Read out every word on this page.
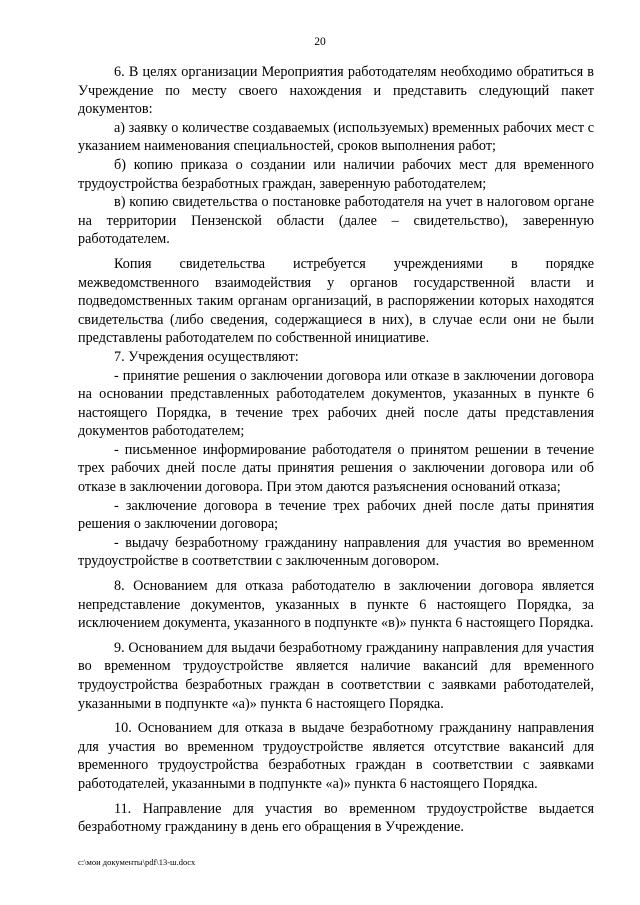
20

6. В целях организации Мероприятия работодателям необходимо обратиться в Учреждение по месту своего нахождения и представить следующий пакет документов:

а) заявку о количестве создаваемых (используемых) временных рабочих мест с указанием наименования специальностей, сроков выполнения работ;

б) копию приказа о создании или наличии рабочих мест для временного трудоустройства безработных граждан, заверенную работодателем;

в) копию свидетельства о постановке работодателя на учет в налоговом органе на территории Пензенской области (далее – свидетельство), заверенную работодателем.

Копия свидетельства истребуется учреждениями в порядке межведомственного взаимодействия у органов государственной власти и подведомственных таким органам организаций, в распоряжении которых находятся свидетельства (либо сведения, содержащиеся в них), в случае если они не были представлены работодателем по собственной инициативе.

7. Учреждения осуществляют:

- принятие решения о заключении договора или отказе в заключении договора на основании представленных работодателем документов, указанных в пункте 6 настоящего Порядка, в течение трех рабочих дней после даты представления документов работодателем;

- письменное информирование работодателя о принятом решении в течение трех рабочих дней после даты принятия решения о заключении договора или об отказе в заключении договора. При этом даются разъяснения оснований отказа;

- заключение договора в течение трех рабочих дней после даты принятия решения о заключении договора;

- выдачу безработному гражданину направления для участия во временном трудоустройстве в соответствии с заключенным договором.

8. Основанием для отказа работодателю в заключении договора является непредставление документов, указанных в пункте 6 настоящего Порядка, за исключением документа, указанного в подпункте «в)» пункта 6 настоящего Порядка.

9. Основанием для выдачи безработному гражданину направления для участия во временном трудоустройстве является наличие вакансий для временного трудоустройства безработных граждан в соответствии с заявками работодателей, указанными в подпункте «а)» пункта 6 настоящего Порядка.

10. Основанием для отказа в выдаче безработному гражданину направления для участия во временном трудоустройстве является отсутствие вакансий для временного трудоустройства безработных граждан в соответствии с заявками работодателей, указанными в подпункте «а)» пункта 6 настоящего Порядка.

11. Направление для участия во временном трудоустройстве выдается безработному гражданину в день его обращения в Учреждение.

c:\мои документы\pdf\13-ш.docx
